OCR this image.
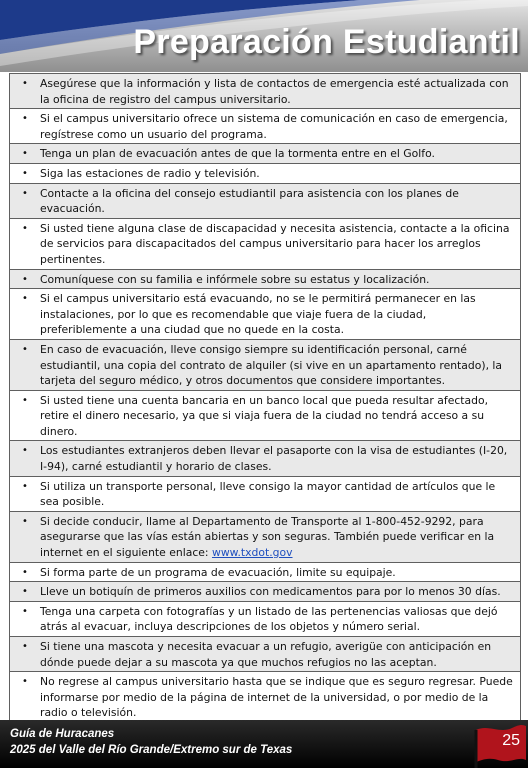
Preparación Estudiantil
•	Asegúrese que la información y lista de contactos de emergencia esté actualizada con la oficina de registro del campus universitario.
•	Si el campus universitario ofrece un sistema de comunicación en caso de emergencia, regístrese como un usuario del programa.
•	Tenga un plan de evacuación antes de que la tormenta entre en el Golfo.
•	Siga las estaciones de radio y televisión.
•	Contacte a la oficina del consejo estudiantil para asistencia con los planes de evacuación.
•	Si usted tiene alguna clase de discapacidad y necesita asistencia, contacte a la oficina de servicios para discapacitados del campus universitario para hacer los arreglos pertinentes.
•	Comuníquese con su familia e infórmele sobre su estatus y localización.
•	Si el campus universitario está evacuando, no se le permitirá permanecer en las instalaciones, por lo que es recomendable que viaje fuera de la ciudad, preferiblemente a una ciudad que no quede en la costa.
•	En caso de evacuación, lleve consigo siempre su identificación personal, carné estudiantil, una copia del contrato de alquiler (si vive en un apartamento rentado), la tarjeta del seguro médico, y otros documentos que considere importantes.
•	Si usted tiene una cuenta bancaria en un banco local que pueda resultar afectado, retire el dinero necesario, ya que si viaja fuera de la ciudad no tendrá acceso a su dinero.
•	Los estudiantes extranjeros deben llevar el pasaporte con la visa de estudiantes (I-20, I-94), carné estudiantil y horario de clases.
•	Si utiliza un transporte personal, lleve consigo la mayor cantidad de artículos que le sea posible.
•	Si decide conducir, llame al Departamento de Transporte al 1-800-452-9292, para asegurarse que las vías están abiertas y son seguras. También puede verificar en la internet en el siguiente enlace: www.txdot.gov
•	Si forma parte de un programa de evacuación, limite su equipaje.
•	Lleve un botiquín de primeros auxilios con medicamentos para por lo menos 30 días.
•	Tenga una carpeta con fotografías y un listado de las pertenencias valiosas que dejó atrás al evacuar, incluya descripciones de los objetos y número serial.
•	Si tiene una mascota y necesita evacuar a un refugio, averigüe con anticipación en dónde puede dejar a su mascota ya que muchos refugios no las aceptan.
•	No regrese al campus universitario hasta que se indique que es seguro regresar. Puede informarse por medio de la página de internet de la universidad, o por medio de la radio o televisión.

Guía de Huracanes

2025 del Valle del Río Grande/Extremo sur de Texas

25
